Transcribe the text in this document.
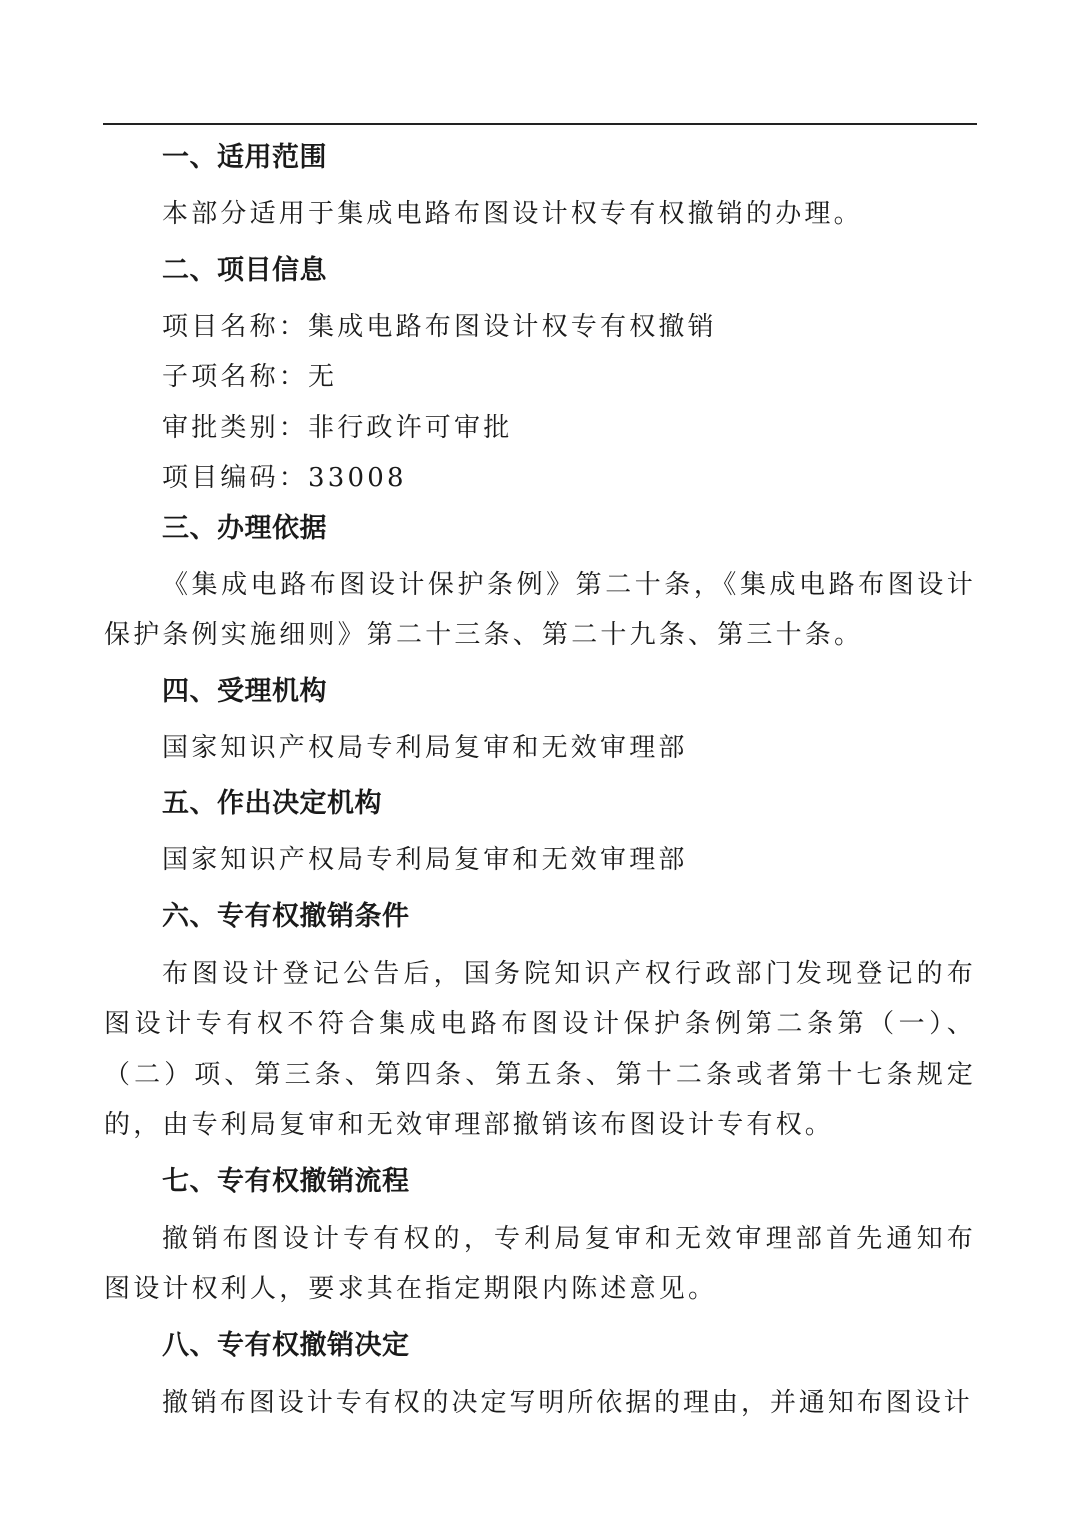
一、适用范围

本部分适用于集成电路布图设计权专有权撤销的办理。

二、项目信息

项目名称：集成电路布图设计权专有权撤销

子项名称：无

审批类别：非行政许可审批

项目编码：33008

三、办理依据

《集成电路布图设计保护条例》第二十条，《集成电路布图设计保护条例实施细则》第二十三条、第二十九条、第三十条。

四、受理机构

国家知识产权局专利局复审和无效审理部

五、作出决定机构

国家知识产权局专利局复审和无效审理部

六、专有权撤销条件

布图设计登记公告后，国务院知识产权行政部门发现登记的布图设计专有权不符合集成电路布图设计保护条例第二条第（一）、（二）项、第三条、第四条、第五条、第十二条或者第十七条规定的，由专利局复审和无效审理部撤销该布图设计专有权。

七、专有权撤销流程

撤销布图设计专有权的，专利局复审和无效审理部首先通知布图设计权利人，要求其在指定期限内陈述意见。

八、专有权撤销决定

撤销布图设计专有权的决定写明所依据的理由，并通知布图设计
